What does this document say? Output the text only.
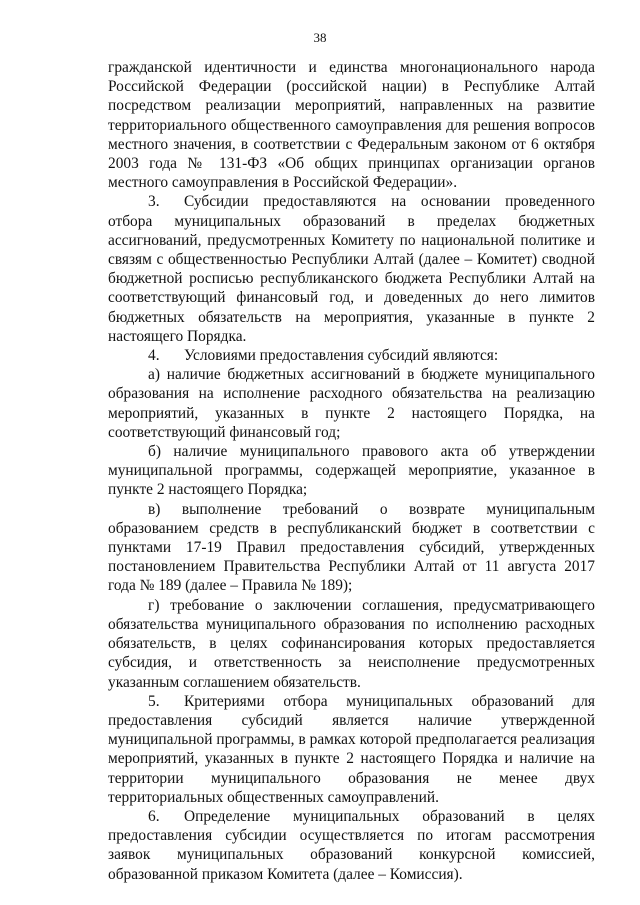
38

гражданской идентичности и единства многонационального народа Российской Федерации (российской нации) в Республике Алтай посредством реализации мероприятий, направленных на развитие территориального общественного самоуправления для решения вопросов местного значения, в соответствии с Федеральным законом от 6 октября 2003 года № 131-ФЗ «Об общих принципах организации органов местного самоуправления в Российской Федерации».

3. Субсидии предоставляются на основании проведенного отбора муниципальных образований в пределах бюджетных ассигнований, предусмотренных Комитету по национальной политике и связям с общественностью Республики Алтай (далее – Комитет) сводной бюджетной росписью республиканского бюджета Республики Алтай на соответствующий финансовый год, и доведенных до него лимитов бюджетных обязательств на мероприятия, указанные в пункте 2 настоящего Порядка.

4. Условиями предоставления субсидий являются:

а) наличие бюджетных ассигнований в бюджете муниципального образования на исполнение расходного обязательства на реализацию мероприятий, указанных в пункте 2 настоящего Порядка, на соответствующий финансовый год;

б) наличие муниципального правового акта об утверждении муниципальной программы, содержащей мероприятие, указанное в пункте 2 настоящего Порядка;

в) выполнение требований о возврате муниципальным образованием средств в республиканский бюджет в соответствии с пунктами 17-19 Правил предоставления субсидий, утвержденных постановлением Правительства Республики Алтай от 11 августа 2017 года № 189 (далее – Правила № 189);

г) требование о заключении соглашения, предусматривающего обязательства муниципального образования по исполнению расходных обязательств, в целях софинансирования которых предоставляется субсидия, и ответственность за неисполнение предусмотренных указанным соглашением обязательств.

5. Критериями отбора муниципальных образований для предоставления субсидий является наличие утвержденной муниципальной программы, в рамках которой предполагается реализация мероприятий, указанных в пункте 2 настоящего Порядка и наличие на территории муниципального образования не менее двух территориальных общественных самоуправлений.

6. Определение муниципальных образований в целях предоставления субсидии осуществляется по итогам рассмотрения заявок муниципальных образований конкурсной комиссией, образованной приказом Комитета (далее – Комиссия).
